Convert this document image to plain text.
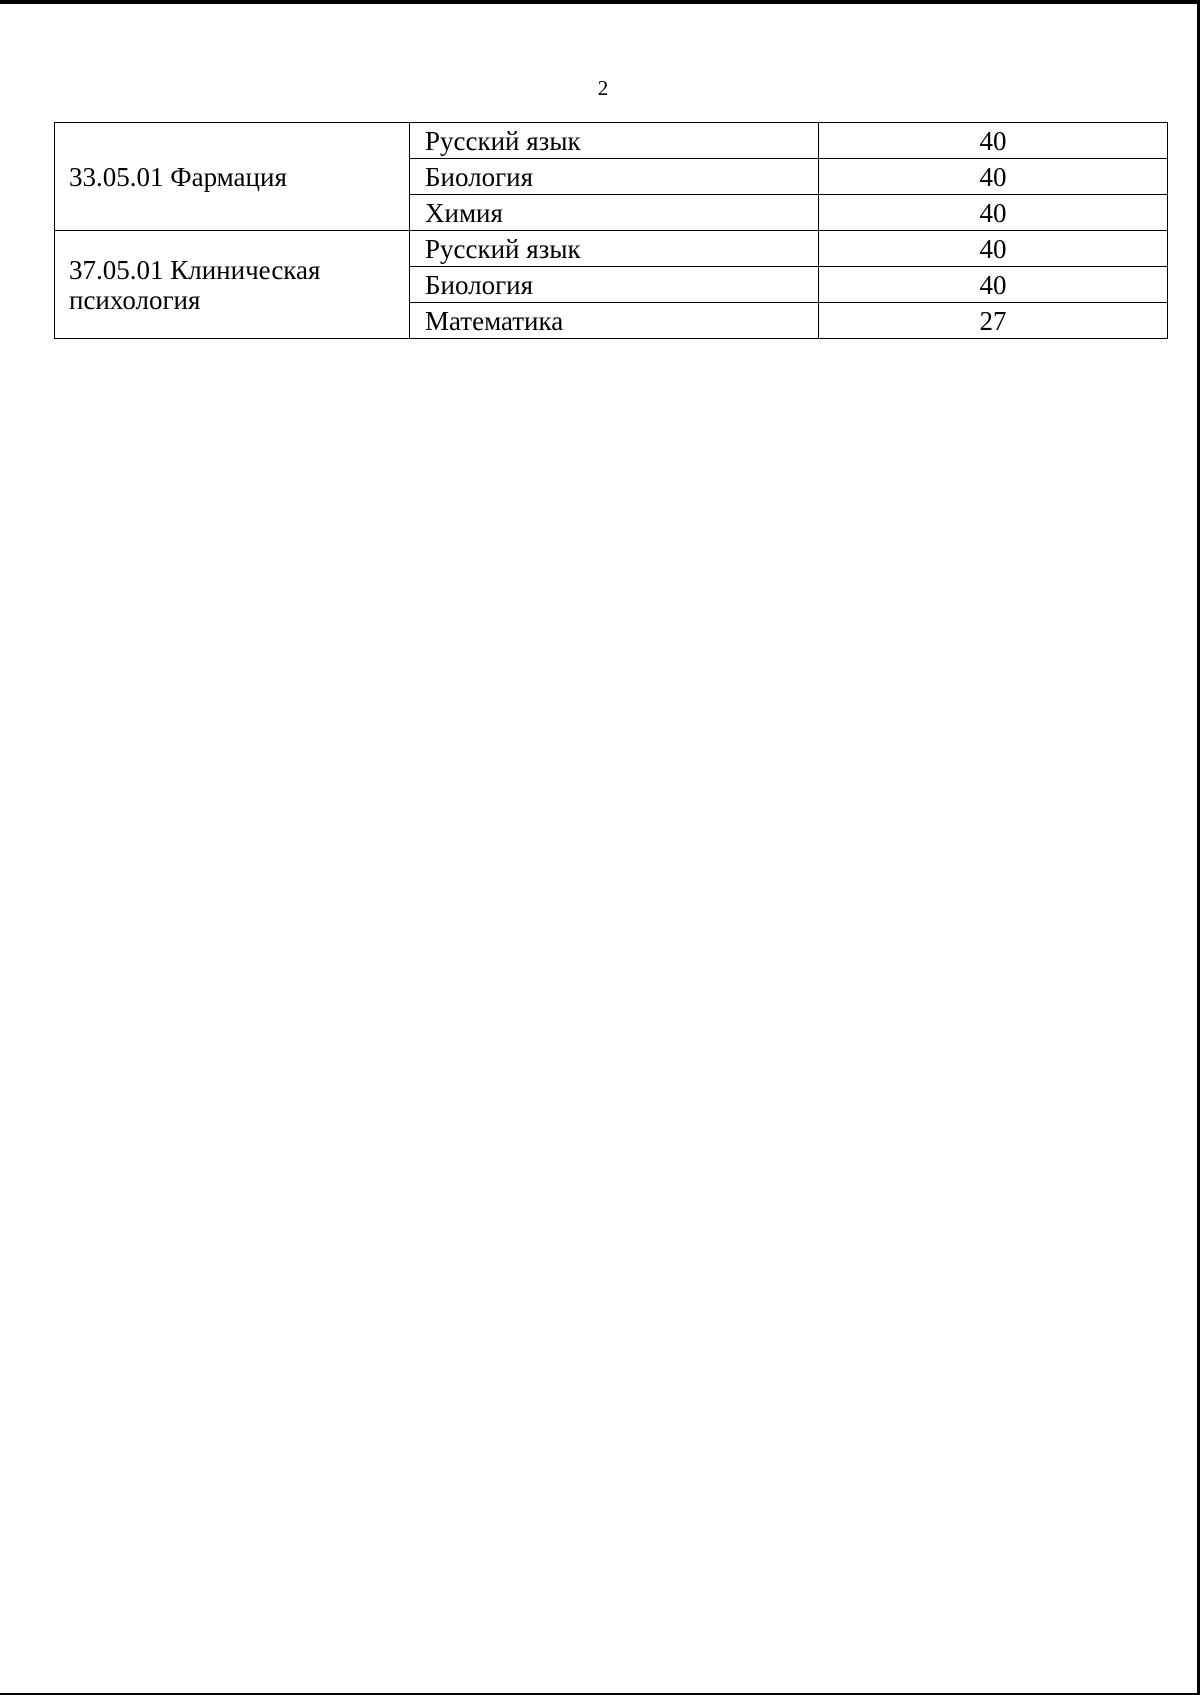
2
33.05.01 Фармация	Русский язык	40
	Биология	40
	Химия	40
37.05.01 Клиническая психология	Русский язык	40
	Биология	40
	Математика	27
